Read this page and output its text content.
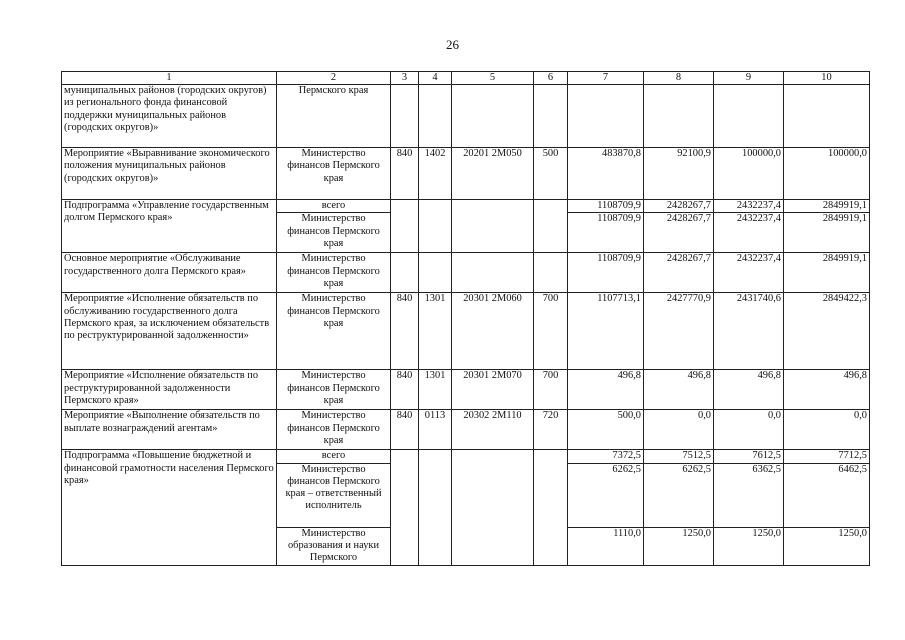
26
1	2	3	4	5	6	7	8	9	10
муниципальных районов (городских округов) из регионального фонда финансовой поддержки муниципальных районов (городских округов)»	Пермского края								
Мероприятие «Выравнивание экономического положения муниципальных районов (городских округов)»	Министерство финансов Пермского края	840	1402	20201 2M050	500	483870,8	92100,9	100000,0	100000,0
Подпрограмма «Управление государственным долгом Пермского края»	всего					1108709,9	2428267,7	2432237,4	2849919,1
	Министерство финансов Пермского края					1108709,9	2428267,7	2432237,4	2849919,1
Основное мероприятие «Обслуживание государственного долга Пермского края»	Министерство финансов Пермского края					1108709,9	2428267,7	2432237,4	2849919,1
Мероприятие «Исполнение обязательств по обслуживанию государственного долга Пермского края, за исключением обязательств по реструктурированной задолженности»	Министерство финансов Пермского края	840	1301	20301 2M060	700	1107713,1	2427770,9	2431740,6	2849422,3
Мероприятие «Исполнение обязательств по реструктурированной задолженности Пермского края»	Министерство финансов Пермского края	840	1301	20301 2M070	700	496,8	496,8	496,8	496,8
Мероприятие «Выполнение обязательств по выплате вознаграждений агентам»	Министерство финансов Пермского края	840	0113	20302 2M110	720	500,0	0,0	0,0	0,0
Подпрограмма «Повышение бюджетной и финансовой грамотности населения Пермского края»	всего					7372,5	7512,5	7612,5	7712,5
	Министерство финансов Пермского края – ответственный исполнитель					6262,5	6262,5	6362,5	6462,5
	Министерство образования и науки Пермского					1110,0	1250,0	1250,0	1250,0
